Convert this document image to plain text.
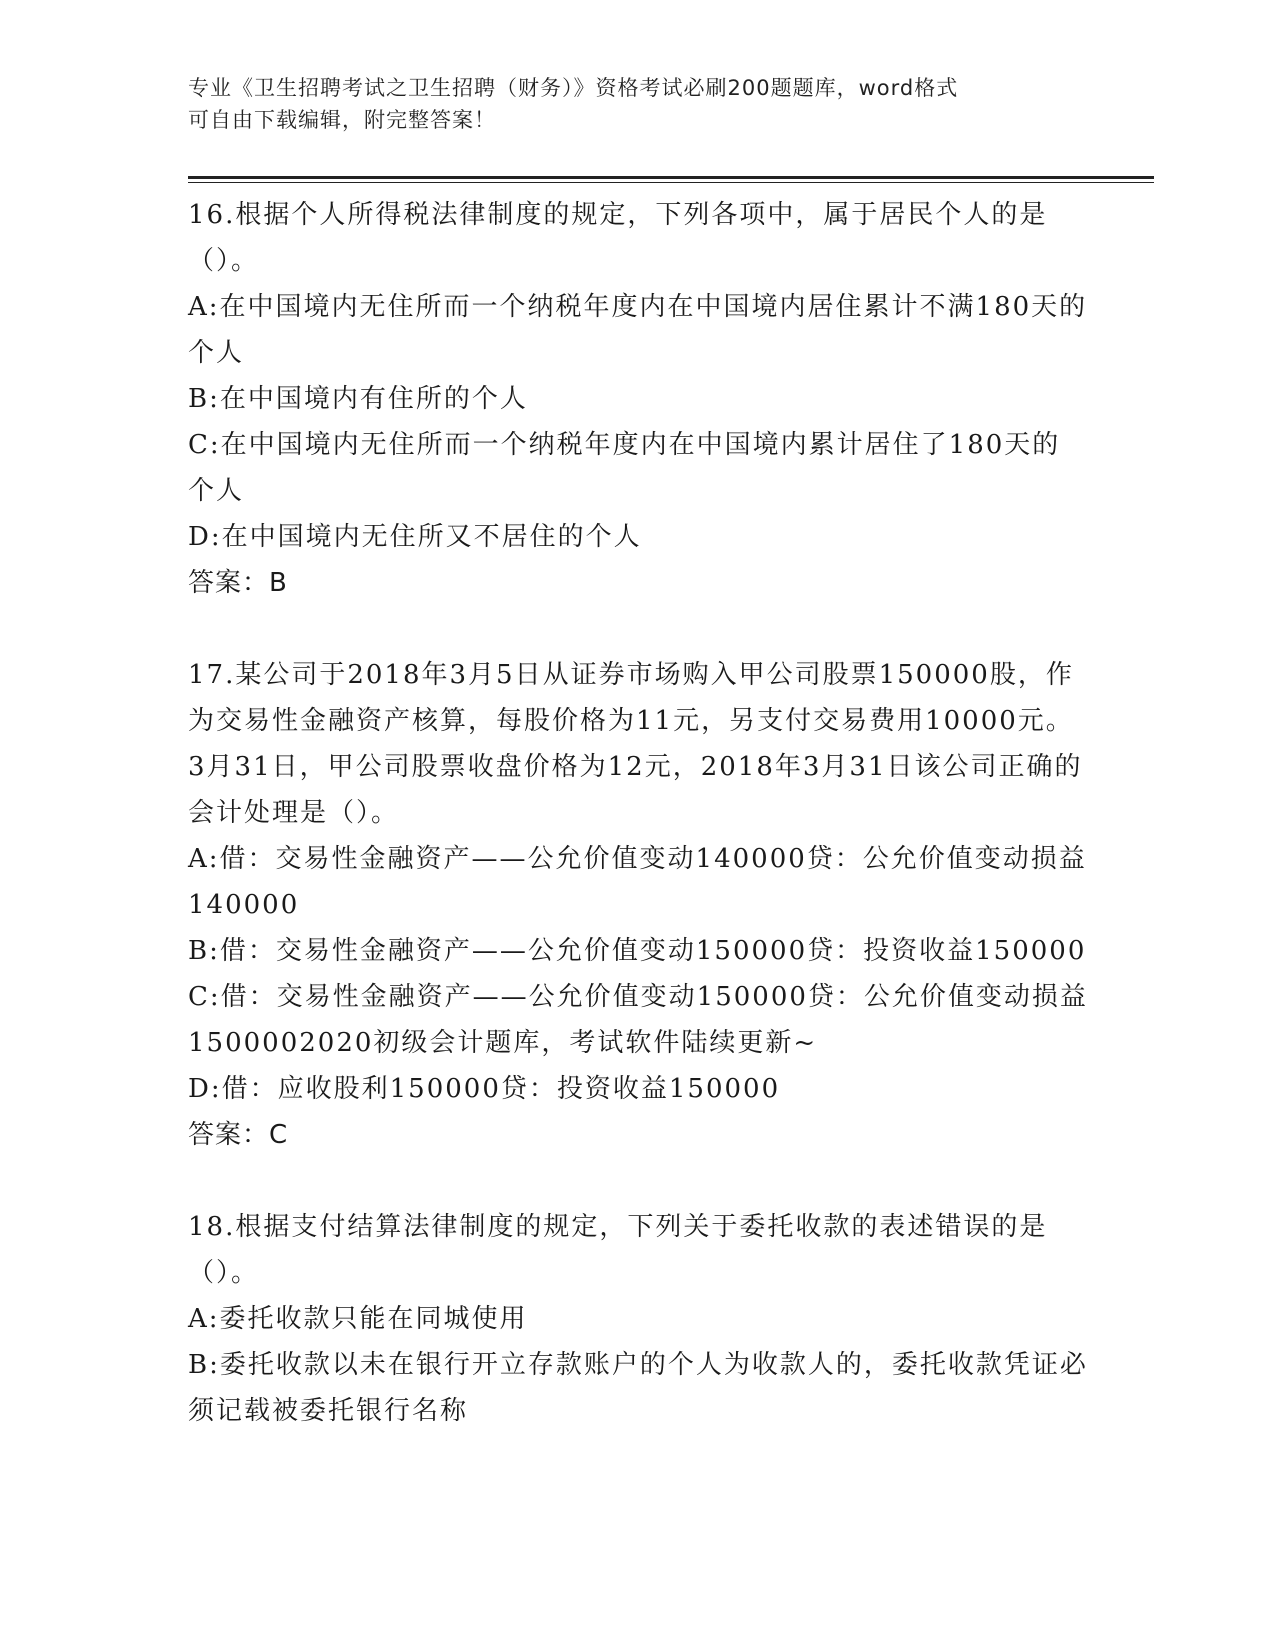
专业《卫生招聘考试之卫生招聘（财务）》资格考试必刷200题题库，word格式
可自由下载编辑，附完整答案！

16.根据个人所得税法律制度的规定，下列各项中，属于居民个人的是（）。

A:在中国境内无住所而一个纳税年度内在中国境内居住累计不满180天的个人

B:在中国境内有住所的个人

C:在中国境内无住所而一个纳税年度内在中国境内累计居住了180天的个人

D:在中国境内无住所又不居住的个人

答案：B

17.某公司于2018年3月5日从证券市场购入甲公司股票150000股，作为交易性金融资产核算，每股价格为11元，另支付交易费用10000元。3月31日，甲公司股票收盘价格为12元，2018年3月31日该公司正确的会计处理是（）。

A:借：交易性金融资产——公允价值变动140000贷：公允价值变动损益140000

B:借：交易性金融资产——公允价值变动150000贷：投资收益150000

C:借：交易性金融资产——公允价值变动150000贷：公允价值变动损益1500002020初级会计题库，考试软件陆续更新~

D:借：应收股利150000贷：投资收益150000

答案：C

18.根据支付结算法律制度的规定，下列关于委托收款的表述错误的是（）。

A:委托收款只能在同城使用

B:委托收款以未在银行开立存款账户的个人为收款人的，委托收款凭证必须记载被委托银行名称
